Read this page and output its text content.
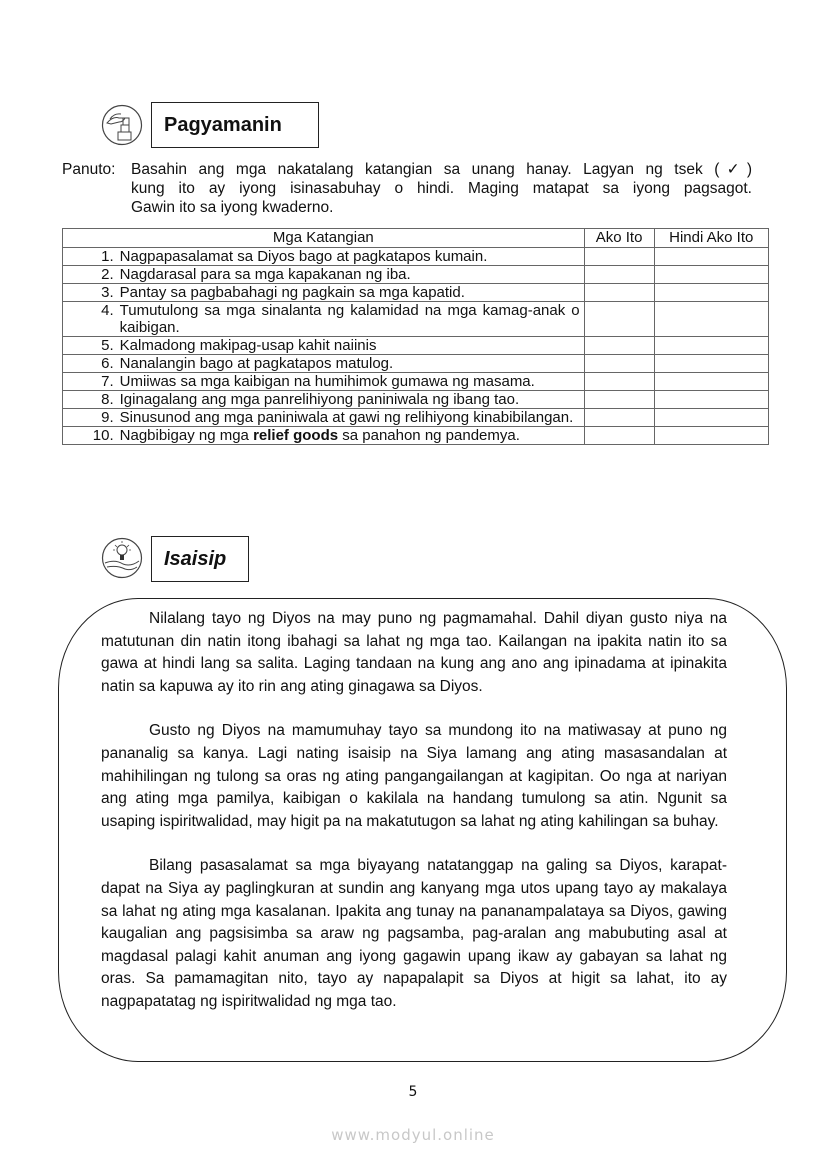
Pagyamanin
Panuto:	Basahin ang mga nakatalang katangian sa unang hanay. Lagyan ng tsek (✓)
kung ito ay iyong isinasabuhay o hindi. Maging matapat sa iyong pagsagot.
Gawin ito sa iyong kwaderno.
Mga Katangian		Ako Ito	Hindi Ako Ito
1.	Nagpapasalamat sa Diyos bago at pagkatapos kumain.		
2.	Nagdarasal para sa mga kapakanan ng iba.		
3.	Pantay sa pagbabahagi ng pagkain sa mga kapatid.		
4.	Tumutulong sa mga sinalanta ng kalamidad na mga kamag-anak o kaibigan.		
5.	Kalmadong makipag-usap kahit naiinis		
6.	Nanalangin bago at pagkatapos matulog.		
7.	Umiiwas sa mga kaibigan na humihimok gumawa ng masama.		
8.	Iginagalang ang mga panrelihiyong paniniwala ng ibang tao.		
9.	Sinusunod ang mga paniniwala at gawi ng relihiyong kinabibilangan.		
10.	Nagbibigay ng mga relief goods sa panahon ng pandemya.		
Isaisip

Nilalang tayo ng Diyos na may puno ng pagmamahal. Dahil diyan gusto niya na matutunan din natin itong ibahagi sa lahat ng mga tao. Kailangan na ipakita natin ito sa gawa at hindi lang sa salita. Laging tandaan na kung ang ano ang ipinadama at ipinakita natin sa kapuwa ay ito rin ang ating ginagawa sa Diyos.

Gusto ng Diyos na mamumuhay tayo sa mundong ito na matiwasay at puno ng pananalig sa kanya. Lagi nating isaisip na Siya lamang ang ating masasandalan at mahihilingan ng tulong sa oras ng ating pangangailangan at kagipitan. Oo nga at nariyan ang ating mga pamilya, kaibigan o kakilala na handang tumulong sa atin. Ngunit sa usaping ispiritwalidad, may higit pa na makatutugon sa lahat ng ating kahilingan sa buhay.

Bilang pasasalamat sa mga biyayang natatanggap na galing sa Diyos, karapat-dapat na Siya ay paglingkuran at sundin ang kanyang mga utos upang tayo ay makalaya sa lahat ng ating mga kasalanan. Ipakita ang tunay na pananampalataya sa Diyos, gawing kaugalian ang pagsisimba sa araw ng pagsamba, pag-aralan ang mabubuting asal at magdasal palagi kahit anuman ang iyong gagawin upang ikaw ay gabayan sa lahat ng oras. Sa pamamagitan nito, tayo ay napapalapit sa Diyos at higit sa lahat, ito ay nagpapatatag ng ispiritwalidad ng mga tao.

5
www.modyul.online
